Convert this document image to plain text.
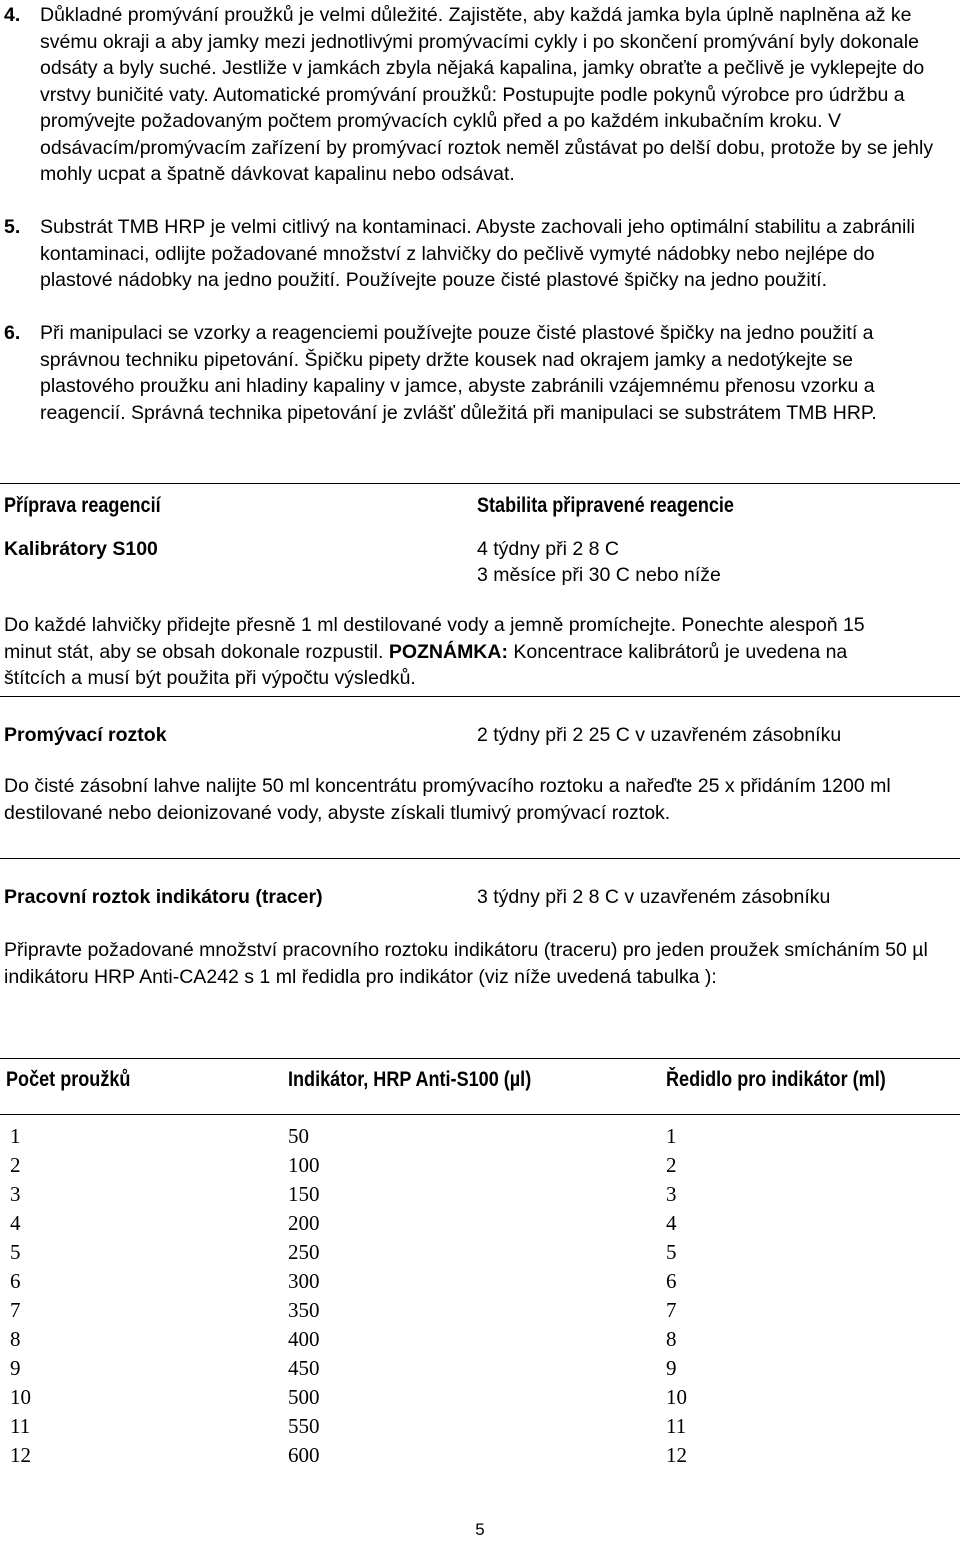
4. Důkladné promývání proužků je velmi důležité. Zajistěte, aby každá jamka byla úplně naplněna až ke svému okraji a aby jamky mezi jednotlivými promývacími cykly i po skončení promývání byly dokonale odsáty a byly suché. Jestliže v jamkách zbyla nějaká kapalina, jamky obraťte a pečlivě je vyklepejte do vrstvy buničité vaty. Automatické promývání proužků: Postupujte podle pokynů výrobce pro údržbu a promývejte požadovaným počtem promývacích cyklů před a po každém inkubačním kroku. V odsávacím/promývacím zařízení by promývací roztok neměl zůstávat po delší dobu, protože by se jehly mohly ucpat a špatně dávkovat kapalinu nebo odsávat.
5. Substrát TMB HRP je velmi citlivý na kontaminaci. Abyste zachovali jeho optimální stabilitu a zabránili kontaminaci, odlijte požadované množství z lahvičky do pečlivě vymyté nádobky nebo nejlépe do plastové nádobky na jedno použití. Používejte pouze čisté plastové špičky na jedno použití.
6. Při manipulaci se vzorky a reagenciemi používejte pouze čisté plastové špičky na jedno použití a správnou techniku pipetování. Špičku pipety držte kousek nad okrajem jamky a nedotýkejte se plastového proužku ani hladiny kapaliny v jamce, abyste zabránili vzájemnému přenosu vzorku a reagencií. Správná technika pipetování je zvlášť důležitá při manipulaci se substrátem TMB HRP.
Příprava reagencií	Stabilita připravené reagencie
Kalibrátory S100	4 týdny při 2 8 C
3 měsíce při 30 C nebo níže
Do každé lahvičky přidejte přesně 1 ml destilované vody a jemně promíchejte. Ponechte alespoň 15 minut stát, aby se obsah dokonale rozpustil. POZNÁMKA: Koncentrace kalibrátorů je uvedena na štítcích a musí být použita při výpočtu výsledků.
Promývací roztok	2 týdny při 2 25 C v uzavřeném zásobníku
Do čisté zásobní lahve nalijte 50 ml koncentrátu promývacího roztoku a nařeďte 25 x přidáním 1200 ml destilované nebo deionizované vody, abyste získali tlumivý promývací roztok.
Pracovní roztok indikátoru (tracer)	3 týdny při 2 8 C v uzavřeném zásobníku
Připravte požadované množství pracovního roztoku indikátoru (traceru) pro jeden proužek smícháním 50 µl indikátoru HRP Anti-CA242 s 1 ml ředidla pro indikátor (viz níže uvedená tabulka ):
Počet proužků	Indikátor, HRP Anti-S100 (µl)	Ředidlo pro indikátor (ml)
1	50	1
2	100	2
3	150	3
4	200	4
5	250	5
6	300	6
7	350	7
8	400	8
9	450	9
10	500	10
11	550	11
12	600	12
5
